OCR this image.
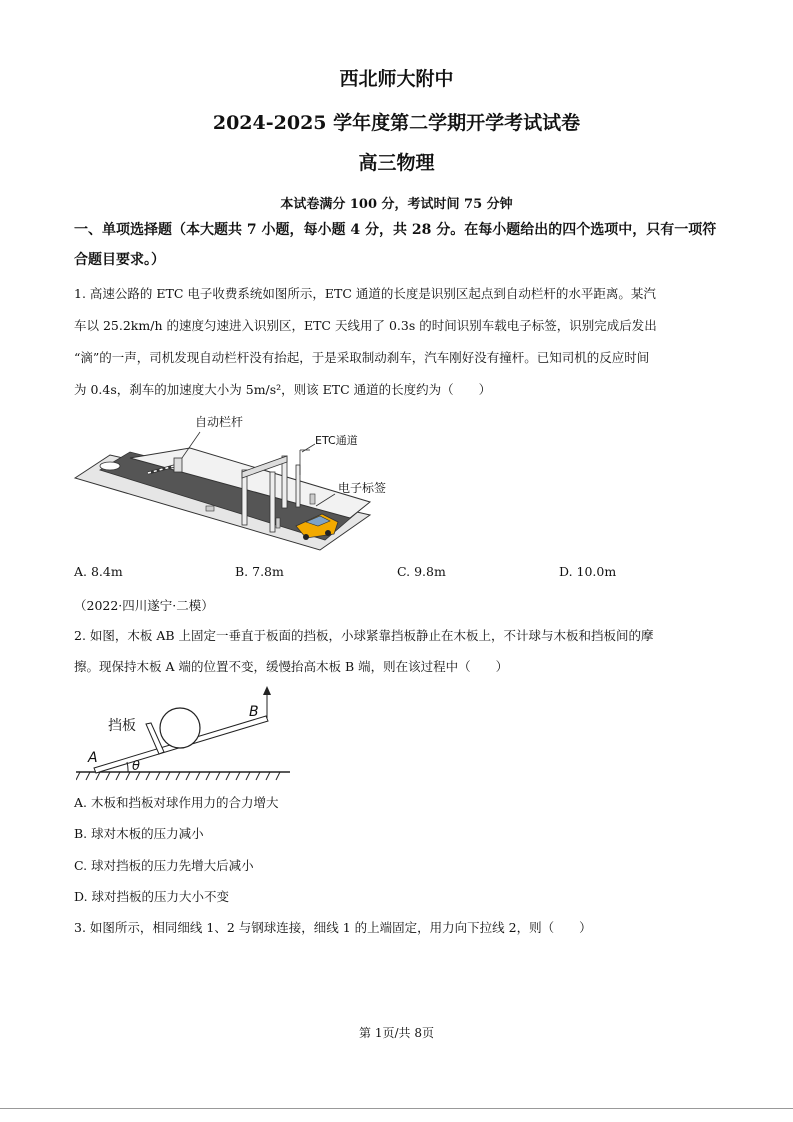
西北师大附中
2024-2025 学年度第二学期开学考试试卷
高三物理
本试卷满分 100 分，考试时间 75 分钟
一、单项选择题（本大题共 7 小题，每小题 4 分，共 28 分。在每小题给出的四个选项中，只有一项符合题目要求。）
1. 高速公路的 ETC 电子收费系统如图所示，ETC 通道的长度是识别区起点到自动栏杆的水平距离。某汽
车以 25.2km/h 的速度匀速进入识别区，ETC 天线用了 0.3s 的时间识别车载电子标签，识别完成后发出
“滴”的一声，司机发现自动栏杆没有抬起，于是采取制动刹车，汽车刚好没有撞杆。已知司机的反应时间
为 0.4s，刹车的加速度大小为 5m/s²，则该 ETC 通道的长度约为（　　）
自动栏杆
ETC通道
电子标签
A. 8.4m	B. 7.8m	C. 9.8m	D. 10.0m
（2022·四川遂宁·二模）
2. 如图，木板 AB 上固定一垂直于板面的挡板，小球紧靠挡板静止在木板上，不计球与木板和挡板间的摩
擦。现保持木板 A 端的位置不变，缓慢抬高木板 B 端，则在该过程中（　　）
挡板
A
B
θ
A. 木板和挡板对球作用力的合力增大
B. 球对木板的压力减小
C. 球对挡板的压力先增大后减小
D. 球对挡板的压力大小不变
3. 如图所示，相同细线 1、2 与钢球连接，细线 1 的上端固定，用力向下拉线 2，则（　　）
第 1页/共 8页
